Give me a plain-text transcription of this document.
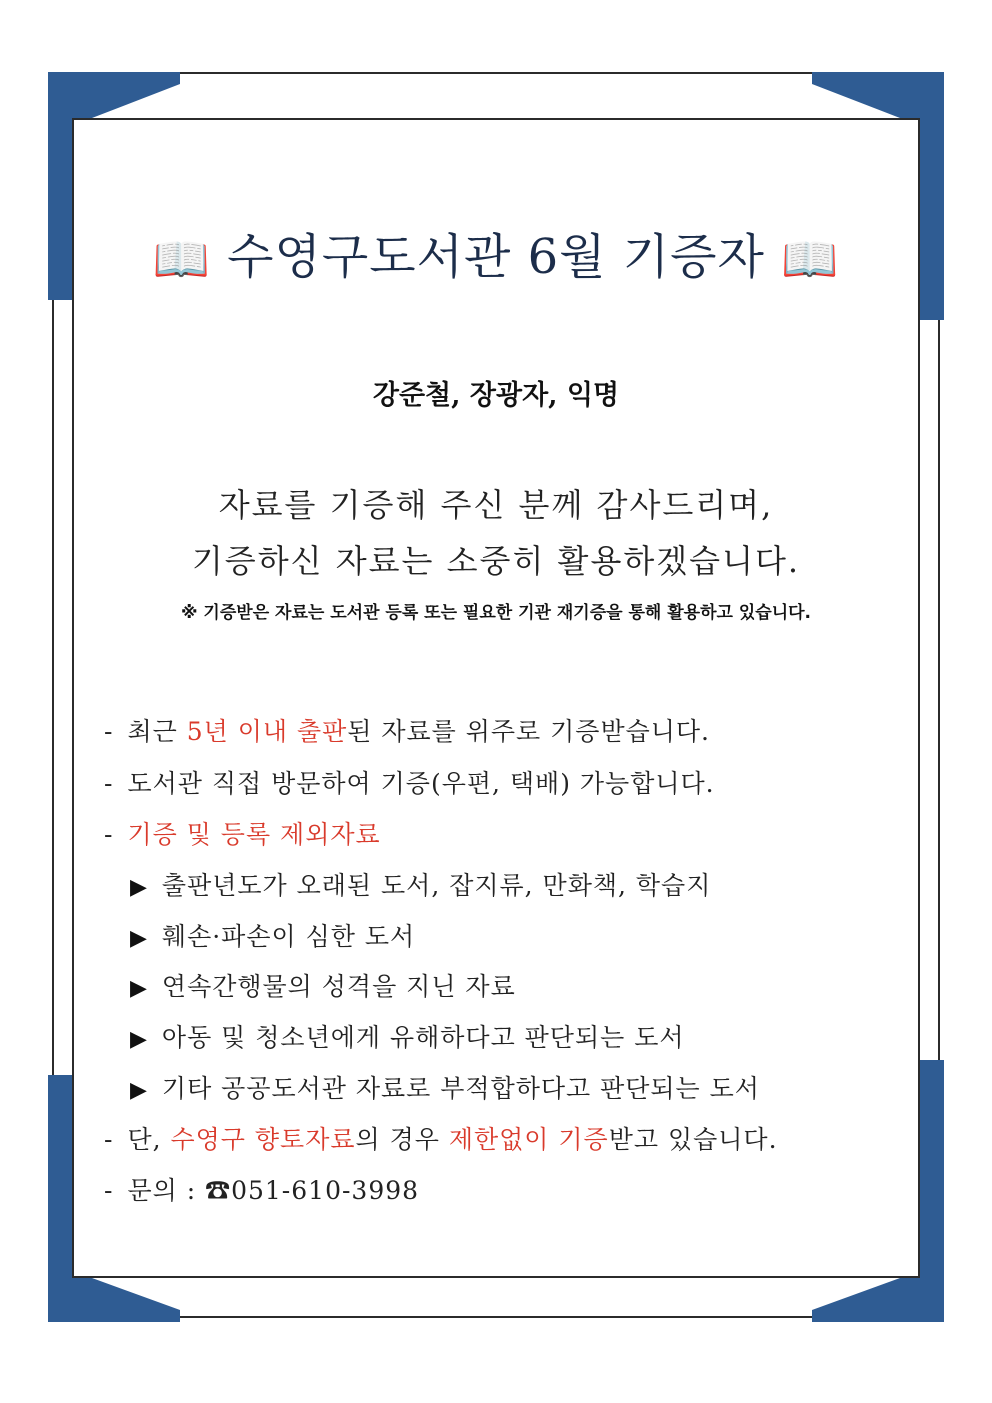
📖 수영구도서관 6월 기증자 📖
강준철, 장광자, 익명
자료를 기증해 주신 분께 감사드리며,
기증하신 자료는 소중히 활용하겠습니다.
※ 기증받은 자료는 도서관 등록 또는 필요한 기관 재기증을 통해 활용하고 있습니다.
- 최근 5년 이내 출판된 자료를 위주로 기증받습니다.
- 도서관 직접 방문하여 기증(우편, 택배) 가능합니다.
- 기증 및 등록 제외자료
▶ 출판년도가 오래된 도서, 잡지류, 만화책, 학습지
▶ 훼손·파손이 심한 도서
▶ 연속간행물의 성격을 지닌 자료
▶ 아동 및 청소년에게 유해하다고 판단되는 도서
▶ 기타 공공도서관 자료로 부적합하다고 판단되는 도서
- 단, 수영구 향토자료의 경우 제한없이 기증받고 있습니다.
- 문의 : ☎051-610-3998
